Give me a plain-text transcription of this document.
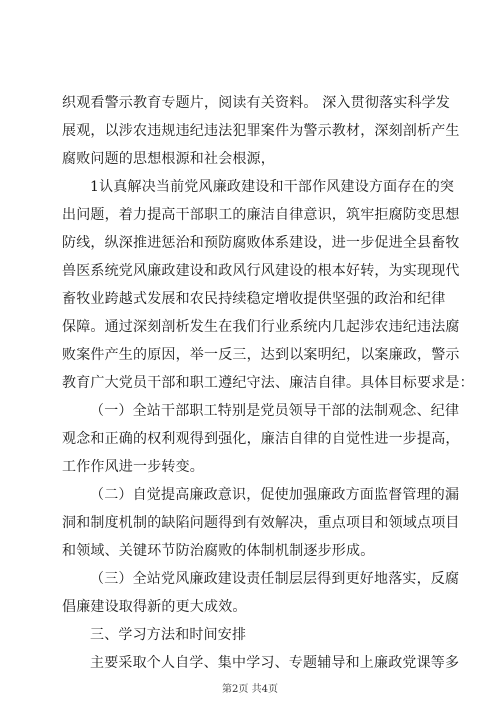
织观看警示教育专题片，阅读有关资料。 深入贯彻落实科学发
展观，以涉农违规违纪违法犯罪案件为警示教材，深刻剖析产生
腐败问题的思想根源和社会根源，
1认真解决当前党风廉政建设和干部作风建设方面存在的突
出问题，着力提高干部职工的廉洁自律意识，筑牢拒腐防变思想
防线，纵深推进惩治和预防腐败体系建设，进一步促进全县畜牧
兽医系统党风廉政建设和政风行风建设的根本好转，为实现现代
畜牧业跨越式发展和农民持续稳定增收提供坚强的政治和纪律
保障。通过深刻剖析发生在我们行业系统内几起涉农违纪违法腐
败案件产生的原因，举一反三，达到以案明纪，以案廉政，警示
教育广大党员干部和职工遵纪守法、廉洁自律。具体目标要求是：
（一）全站干部职工特别是党员领导干部的法制观念、纪律
观念和正确的权利观得到强化，廉洁自律的自觉性进一步提高，
工作作风进一步转变。
（二）自觉提高廉政意识，促使加强廉政方面监督管理的漏
洞和制度机制的缺陷问题得到有效解决，重点项目和领域点项目
和领域、关键环节防治腐败的体制机制逐步形成。
（三）全站党风廉政建设责任制层层得到更好地落实，反腐
倡廉建设取得新的更大成效。
三、学习方法和时间安排
主要采取个人自学、集中学习、专题辅导和上廉政党课等多
第2页 共4页
